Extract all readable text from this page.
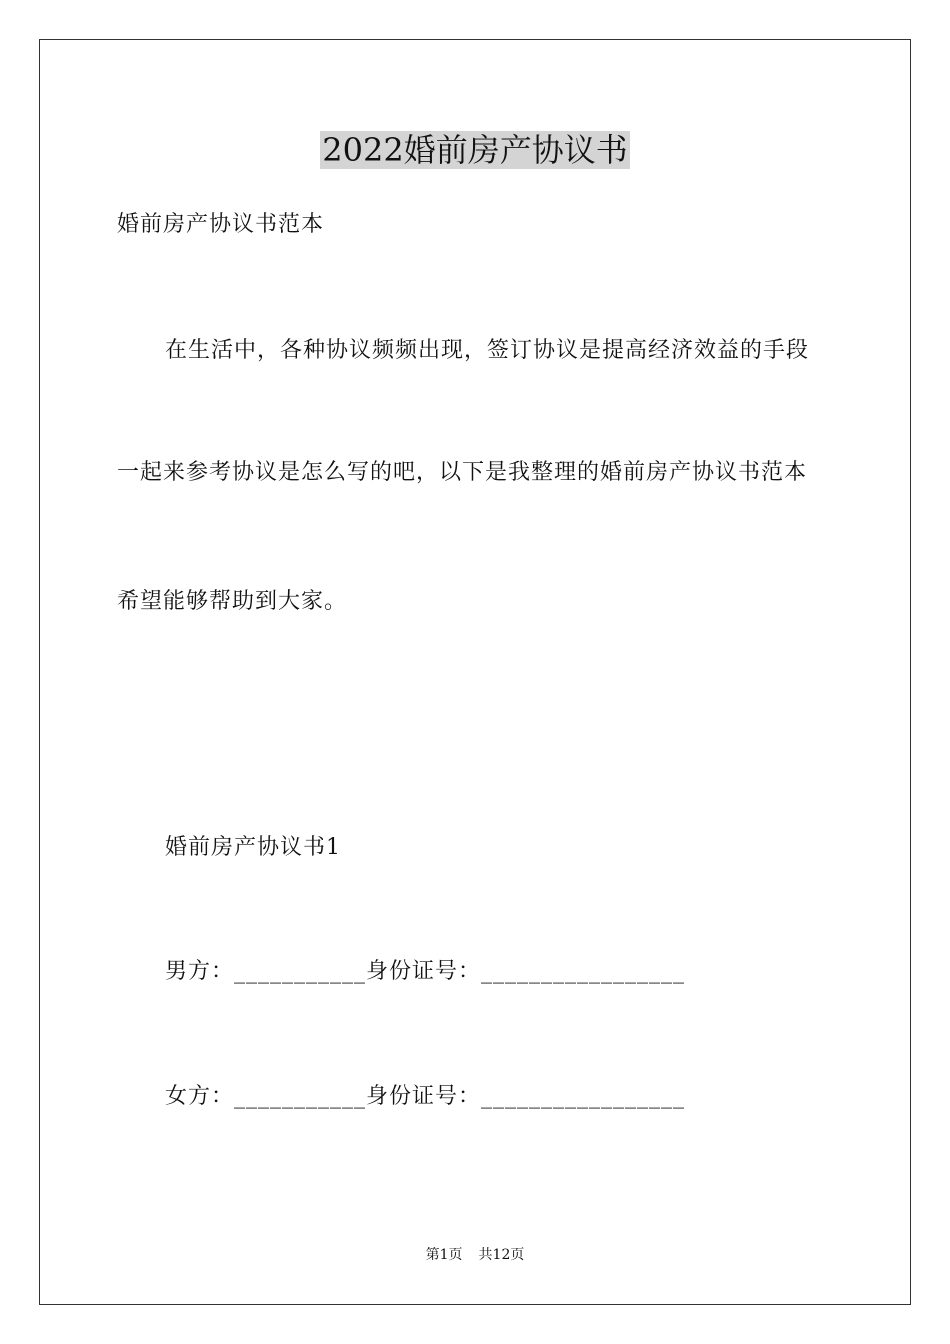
2022婚前房产协议书
婚前房产协议书范本
在生活中，各种协议频频出现，签订协议是提高经济效益的手段
一起来参考协议是怎么写的吧，以下是我整理的婚前房产协议书范本
希望能够帮助到大家。
婚前房产协议书1
男方：___________身份证号：_________________
女方：___________身份证号：_________________
第1页 共12页
